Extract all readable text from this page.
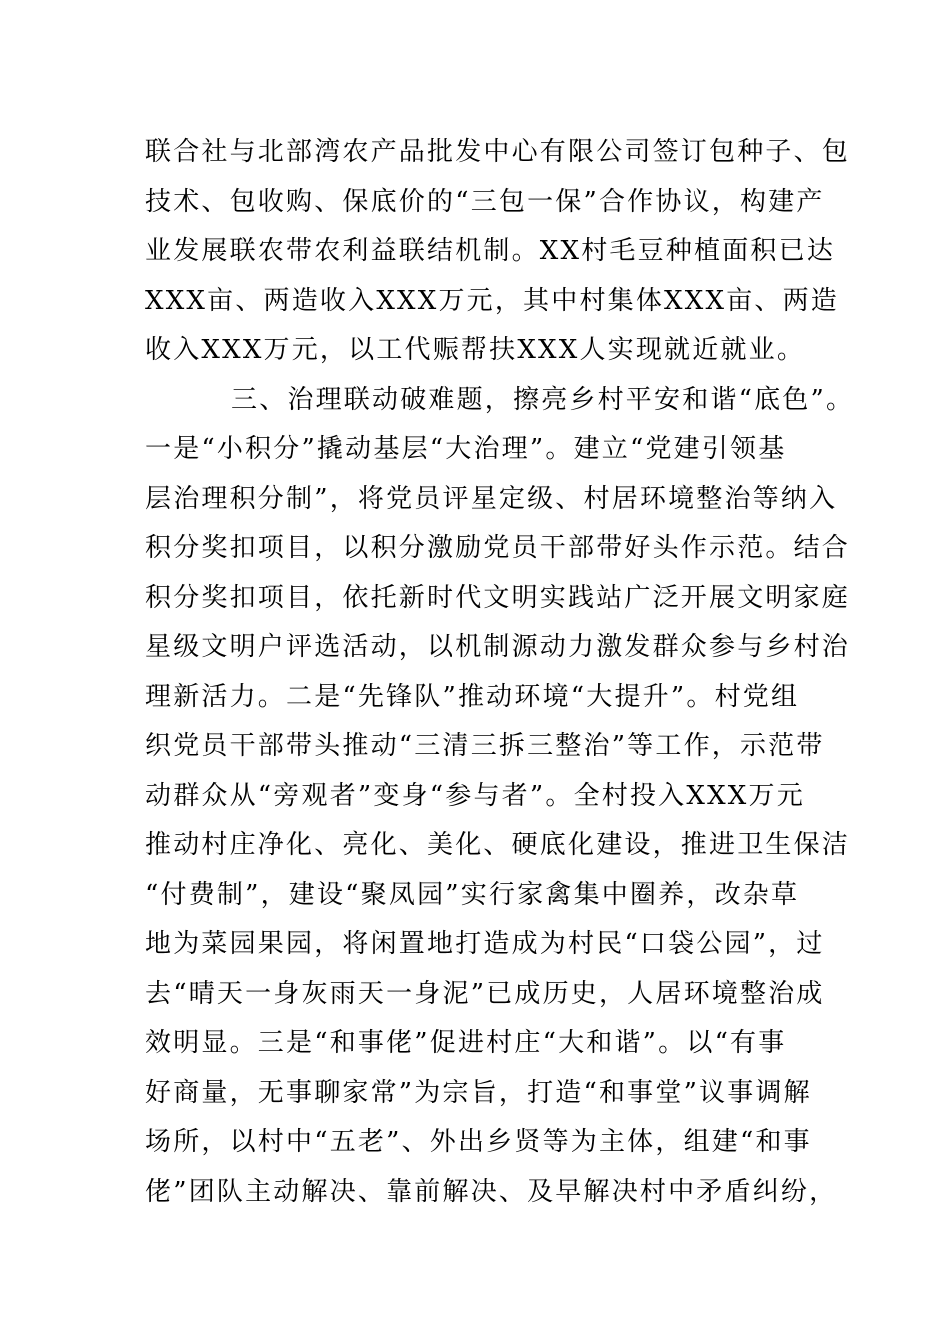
联合社与北部湾农产品批发中心有限公司签订包种子、包
技术、包收购、保底价的“三包一保”合作协议，构建产
业发展联农带农利益联结机制。XX村毛豆种植面积已达
XXX亩、两造收入XXX万元，其中村集体XXX亩、两造
收入XXX万元，以工代赈帮扶XXX人实现就近就业。
三、治理联动破难题，擦亮乡村平安和谐“底色”。
一是“小积分”撬动基层“大治理”。建立“党建引领基
层治理积分制”，将党员评星定级、村居环境整治等纳入
积分奖扣项目，以积分激励党员干部带好头作示范。结合
积分奖扣项目，依托新时代文明实践站广泛开展文明家庭
星级文明户评选活动，以机制源动力激发群众参与乡村治
理新活力。二是“先锋队”推动环境“大提升”。村党组
织党员干部带头推动“三清三拆三整治”等工作，示范带
动群众从“旁观者”变身“参与者”。全村投入XXX万元
推动村庄净化、亮化、美化、硬底化建设，推进卫生保洁
“付费制”，建设“聚凤园”实行家禽集中圈养，改杂草
地为菜园果园，将闲置地打造成为村民“口袋公园”，过
去“晴天一身灰雨天一身泥”已成历史，人居环境整治成
效明显。三是“和事佬”促进村庄“大和谐”。以“有事
好商量，无事聊家常”为宗旨，打造“和事堂”议事调解
场所，以村中“五老”、外出乡贤等为主体，组建“和事
佬”团队主动解决、靠前解决、及早解决村中矛盾纠纷，
